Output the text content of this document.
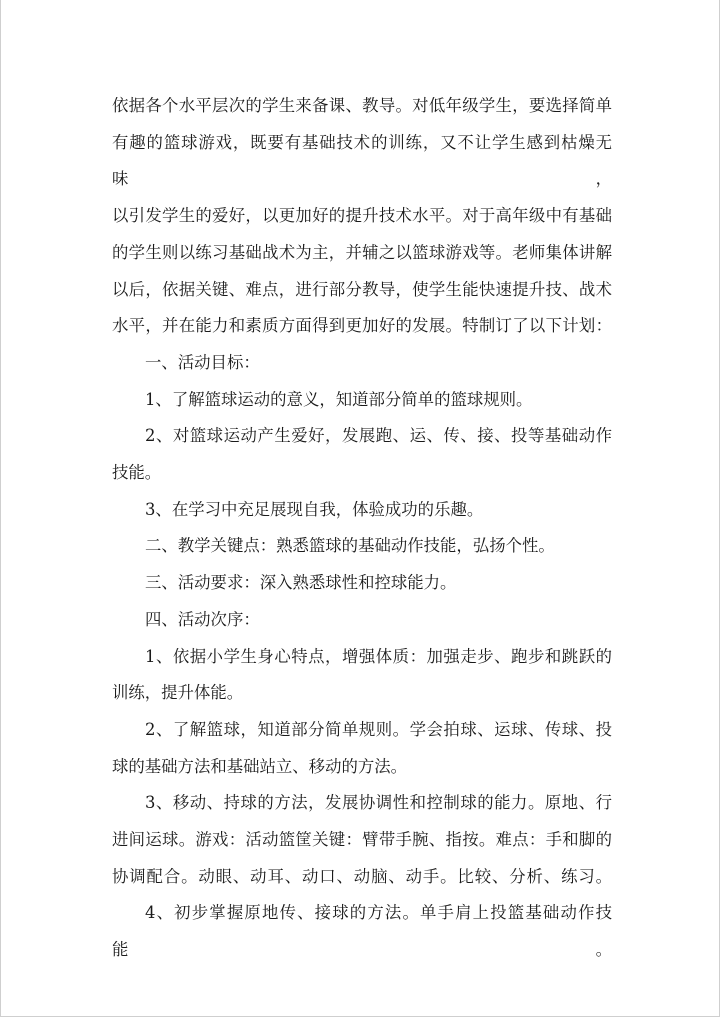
依据各个水平层次的学生来备课、教导。对低年级学生，要选择简单

有趣的篮球游戏，既要有基础技术的训练，又不让学生感到枯燥无味，

以引发学生的爱好，以更加好的提升技术水平。对于高年级中有基础

的学生则以练习基础战术为主，并辅之以篮球游戏等。老师集体讲解

以后，依据关键、难点，进行部分教导，使学生能快速提升技、战术

水平，并在能力和素质方面得到更加好的发展。特制订了以下计划：

一、活动目标：

1、了解篮球运动的意义，知道部分简单的篮球规则。

2、对篮球运动产生爱好，发展跑、运、传、接、投等基础动作

技能。

3、在学习中充足展现自我，体验成功的乐趣。

二、教学关键点：熟悉篮球的基础动作技能，弘扬个性。

三、活动要求：深入熟悉球性和控球能力。

四、活动次序：

1、依据小学生身心特点，增强体质：加强走步、跑步和跳跃的

训练，提升体能。

2、了解篮球，知道部分简单规则。学会拍球、运球、传球、投

球的基础方法和基础站立、移动的方法。

3、移动、持球的方法，发展协调性和控制球的能力。原地、行

进间运球。游戏：活动篮筐关键：臂带手腕、指按。难点：手和脚的

协调配合。动眼、动耳、动口、动脑、动手。比较、分析、练习。

4、初步掌握原地传、接球的方法。单手肩上投篮基础动作技能。
